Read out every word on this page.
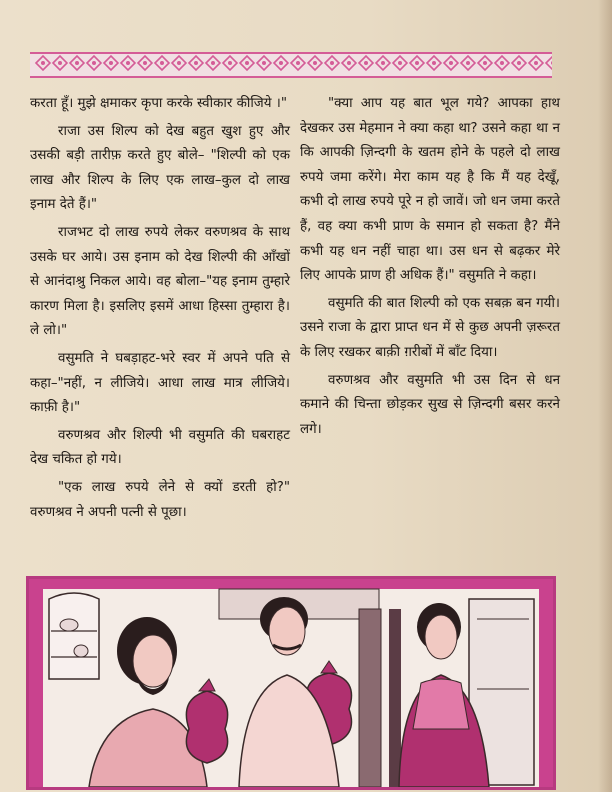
करता हूँ। मुझे क्षमाकर कृपा करके स्वीकार कीजिये ।"

राजा उस शिल्प को देख बहुत खुश हुए और उसकी बड़ी तारीफ़ करते हुए बोले– "शिल्पी को एक लाख और शिल्प के लिए एक लाख–कुल दो लाख इनाम देते हैं।"

राजभट दो लाख रुपये लेकर वरुणश्रव के साथ उसके घर आये। उस इनाम को देख शिल्पी की आँखों से आनंदाश्रु निकल आये। वह बोला–"यह इनाम तुम्हारे कारण मिला है। इसलिए इसमें आधा हिस्सा तुम्हारा है। ले लो।"

वसुमति ने घबड़ाहट-भरे स्वर में अपने पति से कहा–"नहीं, न लीजिये। आधा लाख मात्र लीजिये। काफ़ी है।"

वरुणश्रव और शिल्पी भी वसुमति की घबराहट देख चकित हो गये।

"एक लाख रुपये लेने से क्यों डरती हो?" वरुणश्रव ने अपनी पत्नी से पूछा।

"क्या आप यह बात भूल गये? आपका हाथ देखकर उस मेहमान ने क्या कहा था? उसने कहा था न कि आपकी ज़िन्दगी के खतम होने के पहले दो लाख रुपये जमा करेंगे। मेरा काम यह है कि मैं यह देखूँ, कभी दो लाख रुपये पूरे न हो जावें। जो धन जमा करते हैं, वह क्या कभी प्राण के समान हो सकता है? मैंने कभी यह धन नहीं चाहा था। उस धन से बढ़कर मेरे लिए आपके प्राण ही अधिक हैं।" वसुमति ने कहा।

वसुमति की बात शिल्पी को एक सबक़ बन गयी। उसने राजा के द्वारा प्राप्त धन में से कुछ अपनी ज़रूरत के लिए रखकर बाक़ी ग़रीबों में बाँट दिया।

वरुणश्रव और वसुमति भी उस दिन से धन कमाने की चिन्ता छोड़कर सुख से ज़िन्दगी बसर करने लगे।
